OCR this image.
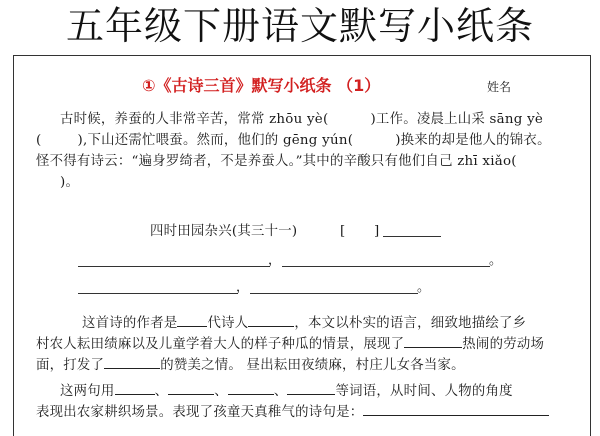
五年级下册语文默写小纸条
①《古诗三首》默写小纸条 （1）	姓名
古时候，养蚕的人非常辛苦，常常 zhōu yè(	)工作。凌晨上山采 sāng yè
(	),下山还需忙喂蚕。然而，他们的 gēng yún(	)换来的却是他人的锦衣。
怪不得有诗云：“遍身罗绮者，不是养蚕人。”其中的辛酸只有他们自己 zhī xiǎo(
)。
四时田园杂兴(其三十一)	[ ]
，	。
，	。
这首诗的作者是 代诗人	，本文以朴实的语言，细致地描绘了乡
村农人耘田绩麻以及儿童学着大人的样子种瓜的情景，展现了	热闹的劳动场
面，打发了	的赞美之情。 昼出耘田夜绩麻，村庄儿女各当家。
这两句用	、	、	、	等词语，从时间、人物的角度
表现出农家耕织场景。表现了孩童天真稚气的诗句是：
